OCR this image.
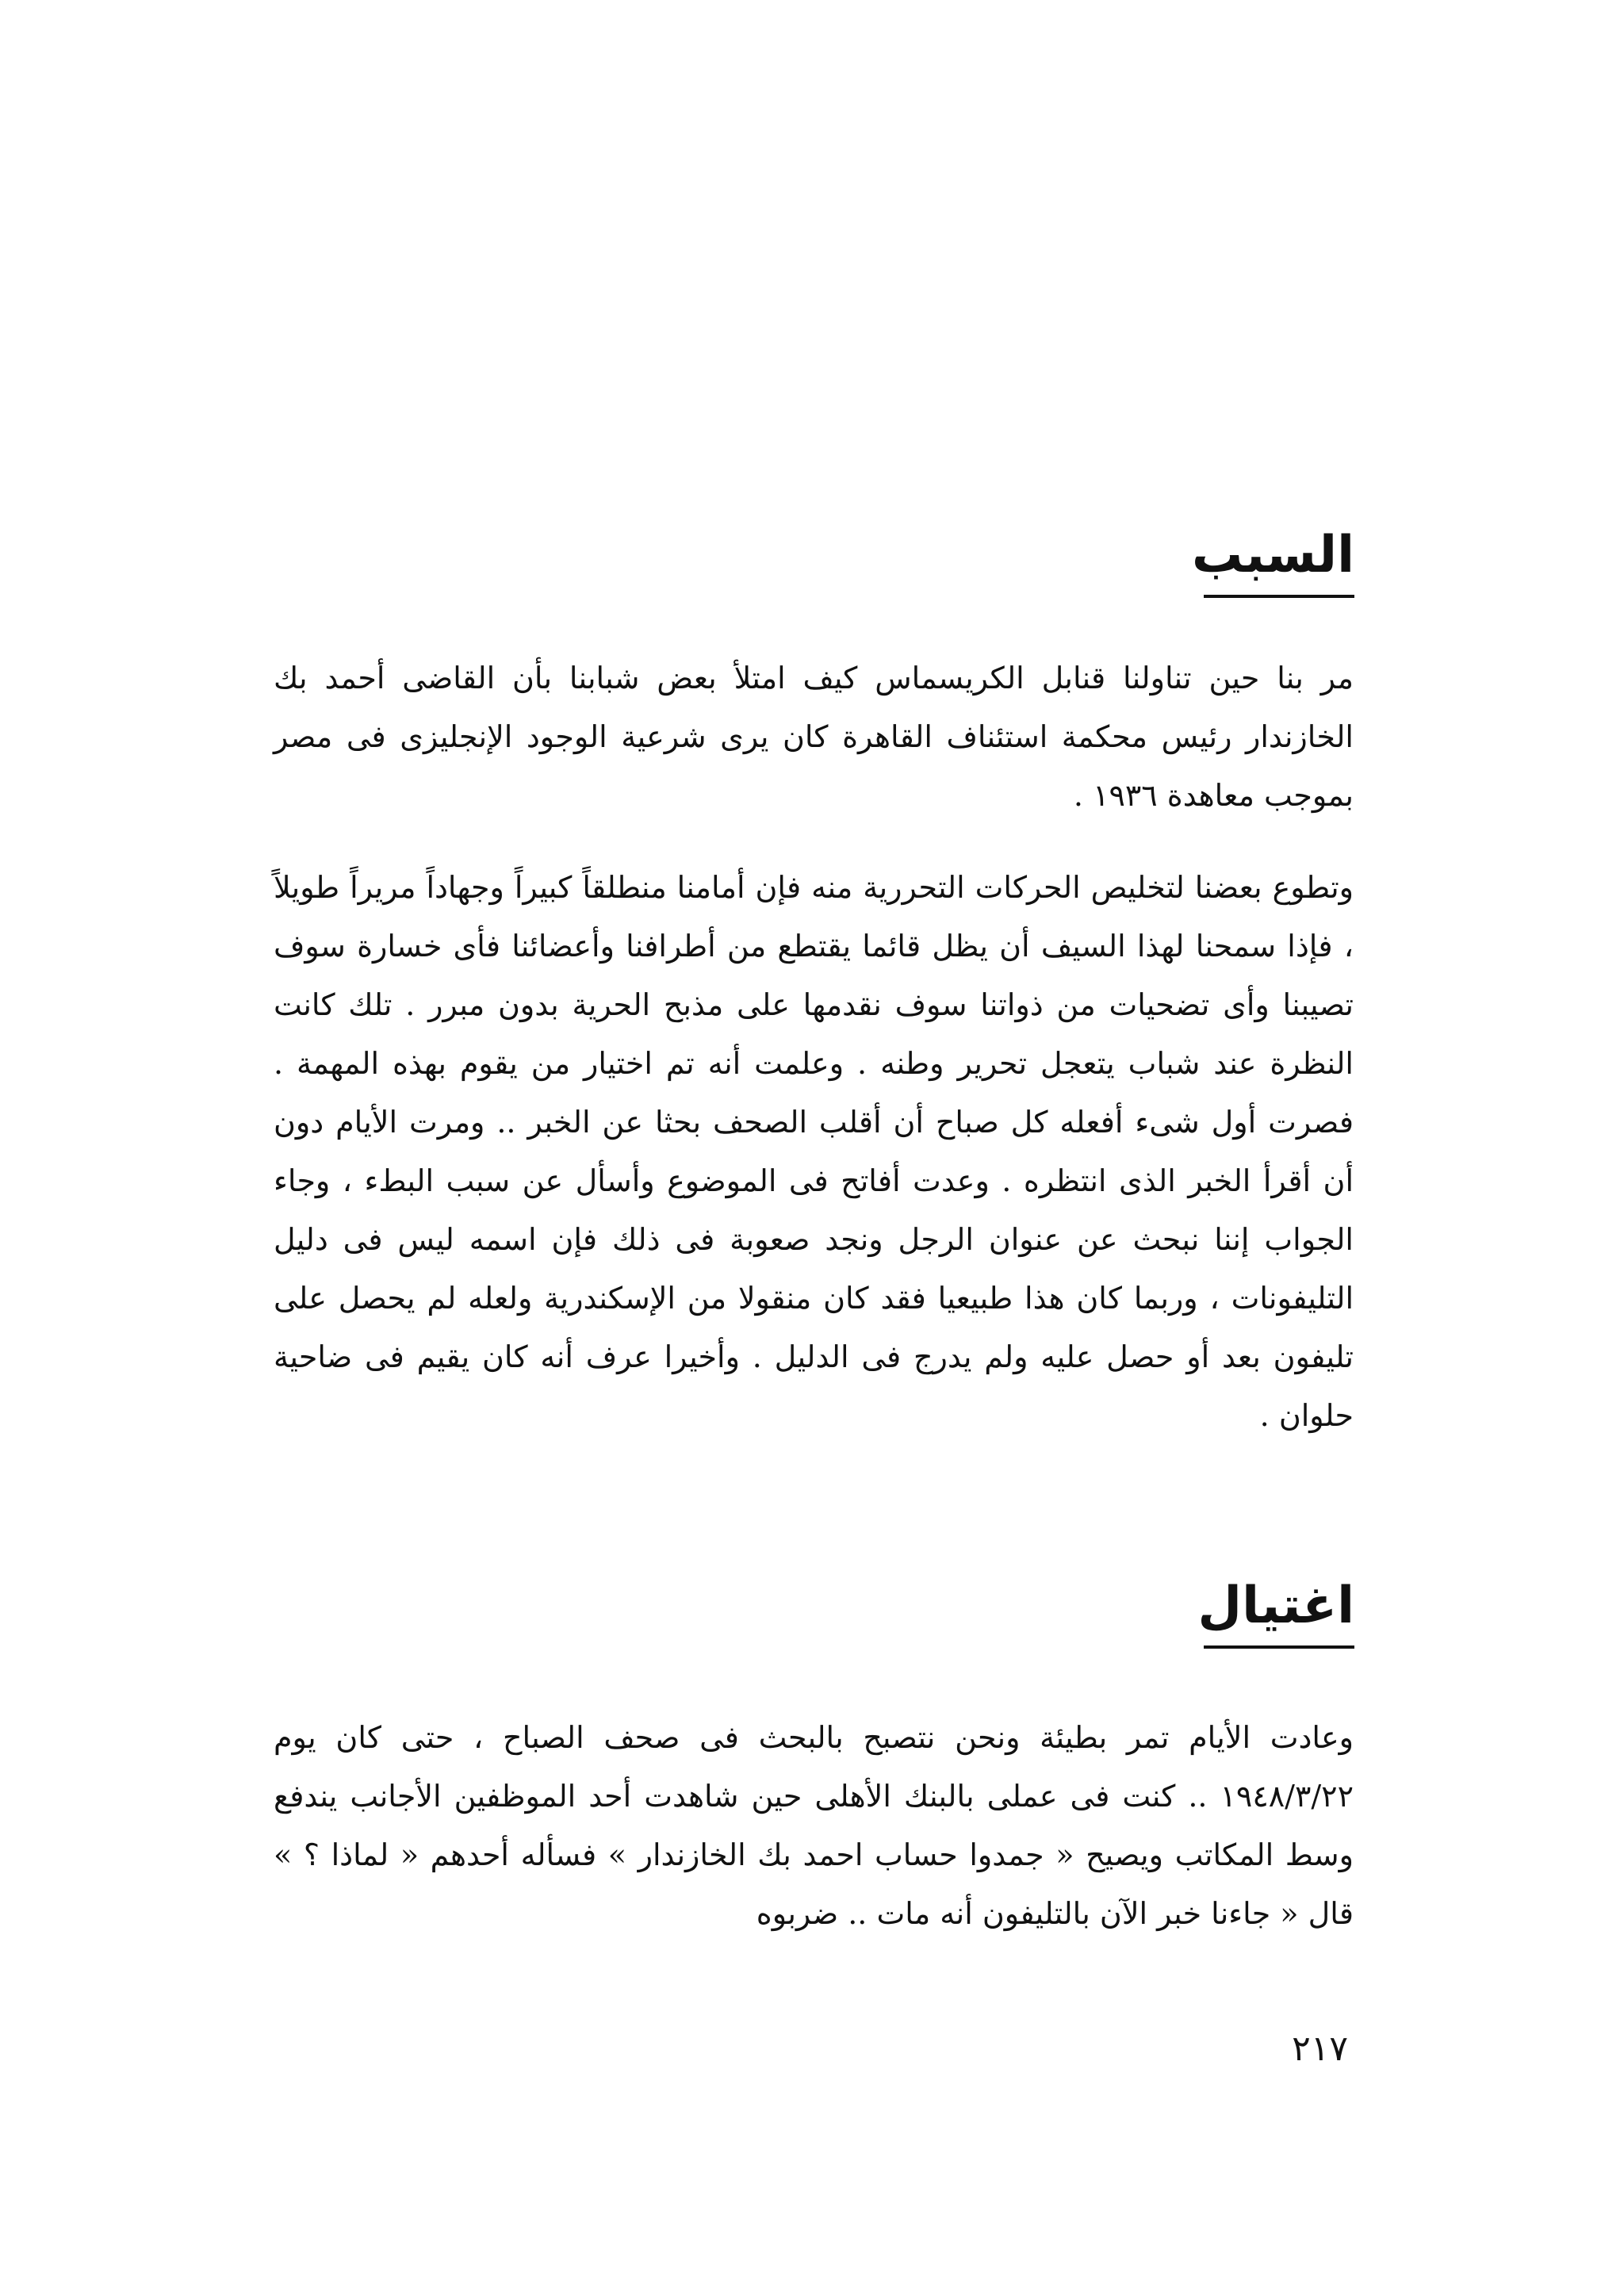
السبب

مر بنا حين تناولنا قنابل الكريسماس كيف امتلأ بعض شبابنا بأن القاضى أحمد بك الخازندار رئيس محكمة استئناف القاهرة كان يرى شرعية الوجود الإنجليزى فى مصر بموجب معاهدة ١٩٣٦ .

وتطوع بعضنا لتخليص الحركات التحررية منه فإن أمامنا منطلقاً كبيراً وجهاداً مريراً طويلاً ، فإذا سمحنا لهذا السيف أن يظل قائما يقتطع من أطرافنا وأعضائنا فأى خسارة سوف تصيبنا وأى تضحيات من ذواتنا سوف نقدمها على مذبح الحرية بدون مبرر . تلك كانت النظرة عند شباب يتعجل تحرير وطنه . وعلمت أنه تم اختيار من يقوم بهذه المهمة . فصرت أول شىء أفعله كل صباح أن أقلب الصحف بحثا عن الخبر .. ومرت الأيام دون أن أقرأ الخبر الذى انتظره . وعدت أفاتح فى الموضوع وأسأل عن سبب البطء ، وجاء الجواب إننا نبحث عن عنوان الرجل ونجد صعوبة فى ذلك فإن اسمه ليس فى دليل التليفونات ، وربما كان هذا طبيعيا فقد كان منقولا من الإسكندرية ولعله لم يحصل على تليفون بعد أو حصل عليه ولم يدرج فى الدليل . وأخيرا عرف أنه كان يقيم فى ضاحية حلوان .

اغتيال

وعادت الأيام تمر بطيئة ونحن نتصبح بالبحث فى صحف الصباح ، حتى كان يوم ١٩٤٨/٣/٢٢ .. كنت فى عملى بالبنك الأهلى حين شاهدت أحد الموظفين الأجانب يندفع وسط المكاتب ويصيح « جمدوا حساب احمد بك الخازندار » فسأله أحدهم « لماذا ؟ » قال « جاءنا خبر الآن بالتليفون أنه مات .. ضربوه

٢١٧
